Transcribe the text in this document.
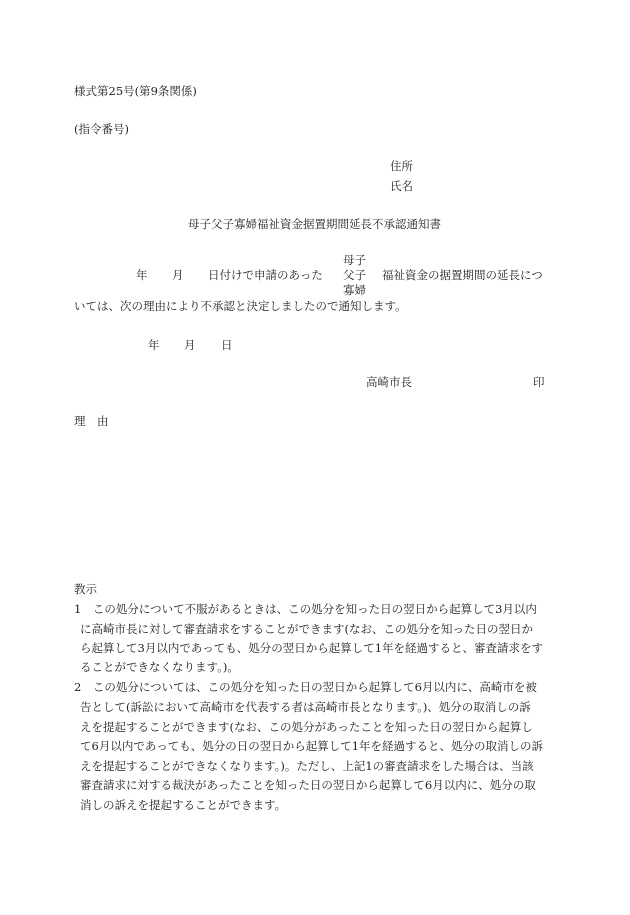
様式第25号(第9条関係)
(指令番号)
住所
氏名
母子父子寡婦福祉資金据置期間延長不承認通知書
年 月 日付けで申請のあった
母子
父子
寡婦
福祉資金の据置期間の延長につ
いては、次の理由により不承認と決定しましたので通知します。
年 月 日
高崎市長	印
理　由
教示
1　この処分について不服があるときは、この処分を知った日の翌日から起算して3月以内
に高崎市長に対して審査請求をすることができます(なお、この処分を知った日の翌日か
ら起算して3月以内であっても、処分の翌日から起算して1年を経過すると、審査請求をす
ることができなくなります。)。
2　この処分については、この処分を知った日の翌日から起算して6月以内に、高崎市を被
告として(訴訟において高崎市を代表する者は高崎市長となります。)、処分の取消しの訴
えを提起することができます(なお、この処分があったことを知った日の翌日から起算し
て6月以内であっても、処分の日の翌日から起算して1年を経過すると、処分の取消しの訴
えを提起することができなくなります。)。ただし、上記1の審査請求をした場合は、当該
審査請求に対する裁決があったことを知った日の翌日から起算して6月以内に、処分の取
消しの訴えを提起することができます。
